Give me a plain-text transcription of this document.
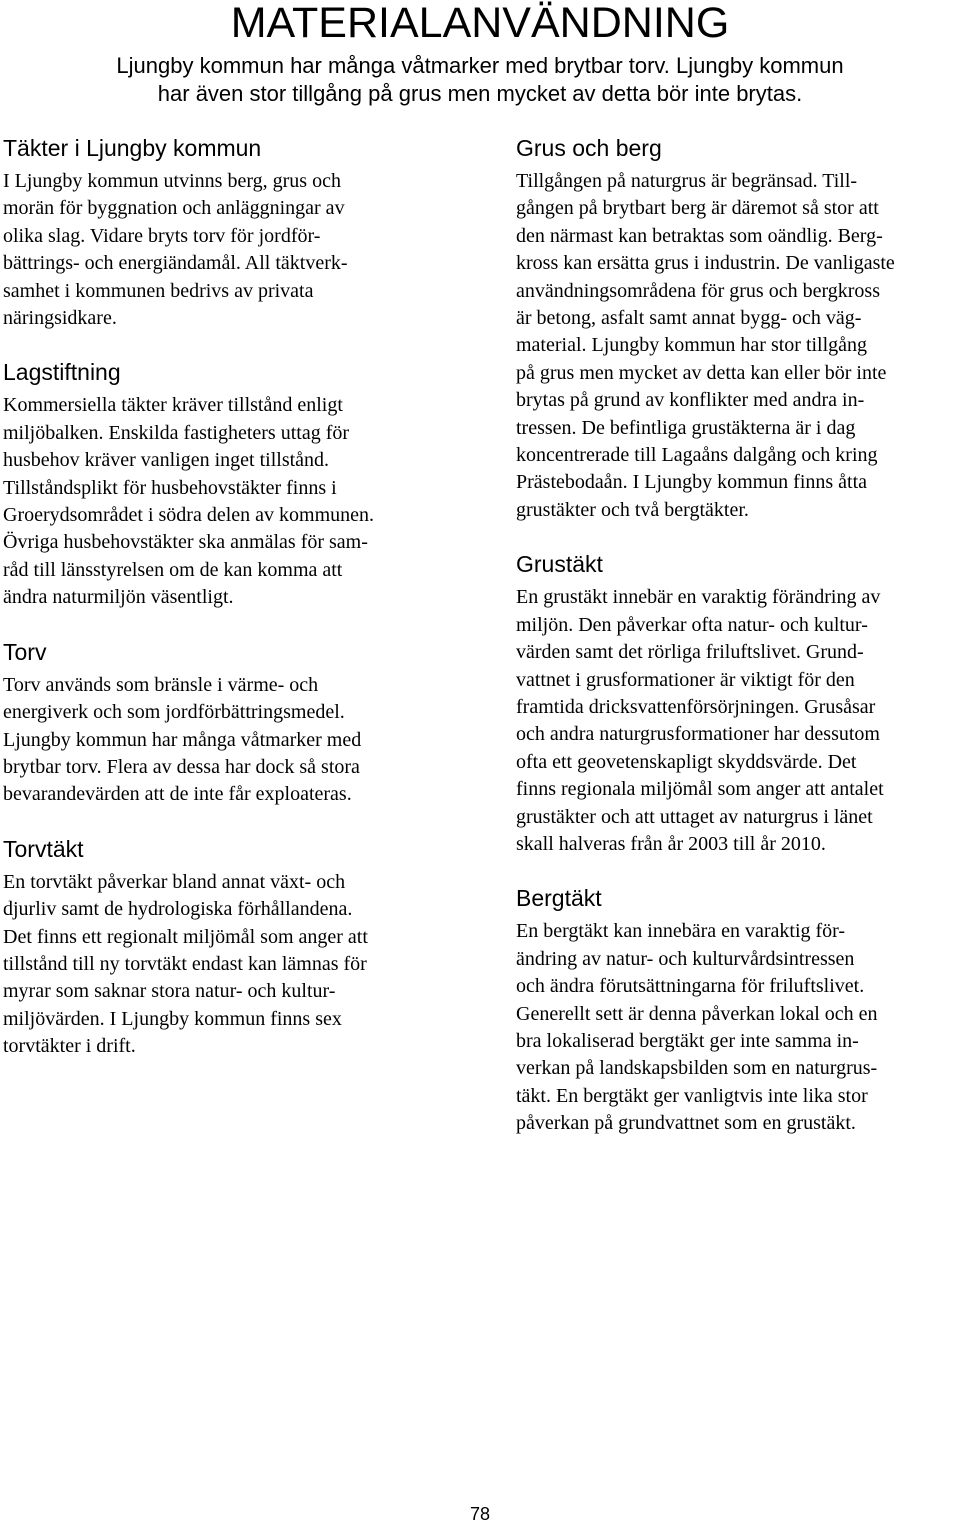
MATERIALANVÄNDNING

Ljungby kommun har många våtmarker med brytbar torv. Ljungby kommun
har även stor tillgång på grus men mycket av detta bör inte brytas.

Täkter i Ljungby kommun

I Ljungby kommun utvinns berg, grus och
morän för byggnation och anläggningar av
olika slag. Vidare bryts torv för jordför-
bättrings- och energiändamål. All täktverk-
samhet i kommunen bedrivs av privata
näringsidkare.

Lagstiftning

Kommersiella täkter kräver tillstånd enligt
miljöbalken. Enskilda fastigheters uttag för
husbehov kräver vanligen inget tillstånd.
Tillståndsplikt för husbehovstäkter finns i
Groerydsområdet i södra delen av kommunen.
Övriga husbehovstäkter ska anmälas för sam-
råd till länsstyrelsen om de kan komma att
ändra naturmiljön väsentligt.

Torv

Torv används som bränsle i värme- och
energiverk och som jordförbättringsmedel.
Ljungby kommun har många våtmarker med
brytbar torv. Flera av dessa har dock så stora
bevarandevärden att de inte får exploateras.

Torvtäkt

En torvtäkt påverkar bland annat växt- och
djurliv samt de hydrologiska förhållandena.
Det finns ett regionalt miljömål som anger att
tillstånd till ny torvtäkt endast kan lämnas för
myrar som saknar stora natur- och kultur-
miljövärden. I Ljungby kommun finns sex
torvtäkter i drift.

Grus och berg

Tillgången på naturgrus är begränsad. Till-
gången på brytbart berg är däremot så stor att
den närmast kan betraktas som oändlig. Berg-
kross kan ersätta grus i industrin. De vanligaste
användningsområdena för grus och bergkross
är betong, asfalt samt annat bygg- och väg-
material. Ljungby kommun har stor tillgång
på grus men mycket av detta kan eller bör inte
brytas på grund av konflikter med andra in-
tressen. De befintliga grustäkterna är i dag
koncentrerade till Lagaåns dalgång och kring
Prästebodaån. I Ljungby kommun finns åtta
grustäkter och två bergtäkter.

Grustäkt

En grustäkt innebär en varaktig förändring av
miljön. Den påverkar ofta natur- och kultur-
värden samt det rörliga friluftslivet. Grund-
vattnet i grusformationer är viktigt för den
framtida dricksvattenförsörjningen. Grusåsar
och andra naturgrusformationer har dessutom
ofta ett geovetenskapligt skyddsvärde. Det
finns regionala miljömål som anger att antalet
grustäkter och att uttaget av naturgrus i länet
skall halveras från år 2003 till år 2010.

Bergtäkt

En bergtäkt kan innebära en varaktig för-
ändring av natur- och kulturvårdsintressen
och ändra förutsättningarna för friluftslivet.
Generellt sett är denna påverkan lokal och en
bra lokaliserad bergtäkt ger inte samma in-
verkan på landskapsbilden som en naturgrus-
täkt. En bergtäkt ger vanligtvis inte lika stor
påverkan på grundvattnet som en grustäkt.

78
